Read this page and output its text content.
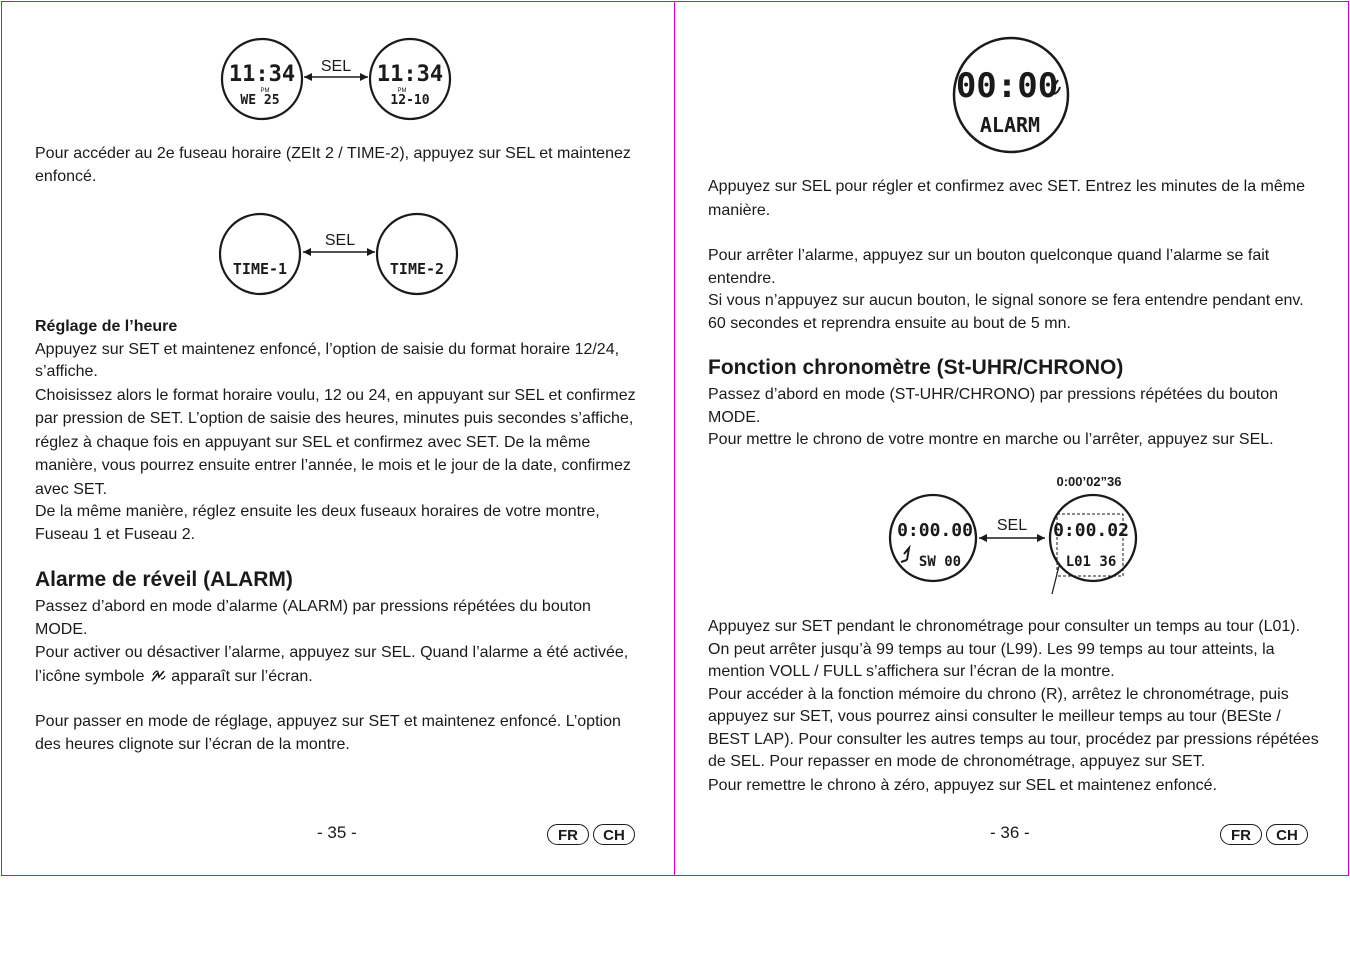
SEL
11:34
PM
WE 25
11:34
PM
12-10

Pour accéder au 2e fuseau horaire (ZEIt 2 / TIME-2), appuyez sur SEL et maintenez enfoncé.

SEL
TIME-1	TIME-2

Réglage de l’heure

Appuyez sur SET et maintenez enfoncé, l’option de saisie du format horaire 12/24, s’affiche.

Choisissez alors le format horaire voulu, 12 ou 24, en appuyant sur SEL et confirmez par pression de SET. L’option de saisie des heures, minutes puis secondes s’affiche, réglez à chaque fois en appuyant sur SEL et confirmez avec SET. De la même manière, vous pourrez ensuite entrer l’année, le mois et le jour de la date, confirmez avec SET.

De la même manière, réglez ensuite les deux fuseaux horaires de votre montre, Fuseau 1 et Fuseau 2.

Alarme de réveil (ALARM)

Passez d’abord en mode d’alarme (ALARM) par pressions répétées du bouton MODE.

Pour activer ou désactiver l’alarme, appuyez sur SEL. Quand l’alarme a été activée, l’icône symbole apparaît sur l’écran.

Pour passer en mode de réglage, appuyez sur SET et maintenez enfoncé. L’option des heures clignote sur l’écran de la montre.

- 35 -	FR	CH
00:00
ALARM

Appuyez sur SEL pour régler et confirmez avec SET. Entrez les minutes de la même manière.

Pour arrêter l’alarme, appuyez sur un bouton quelconque quand l’alarme se fait entendre.

Si vous n’appuyez sur aucun bouton, le signal sonore se fera entendre pendant env. 60 secondes et reprendra ensuite au bout de 5 mn.

Fonction chronomètre (St-UHR/CHRONO)

Passez d’abord en mode (ST-UHR/CHRONO) par pressions répétées du bouton MODE.

Pour mettre le chrono de votre montre en marche ou l’arrêter, appuyez sur SEL.

0:00’02”36
SEL
0:00.00
SW 00
0:00.02
L01 36

Appuyez sur SET pendant le chronométrage pour consulter un temps au tour (L01). On peut arrêter jusqu’à 99 temps au tour (L99). Les 99 temps au tour atteints, la mention VOLL / FULL s’affichera sur l’écran de la montre.

Pour accéder à la fonction mémoire du chrono (R), arrêtez le chronométrage, puis appuyez sur SET, vous pourrez ainsi consulter le meilleur temps au tour (BESte / BEST LAP). Pour consulter les autres temps au tour, procédez par pressions répétées de SEL. Pour repasser en mode de chronométrage, appuyez sur SET.

Pour remettre le chrono à zéro, appuyez sur SEL et maintenez enfoncé.

- 36 -	FR	CH
